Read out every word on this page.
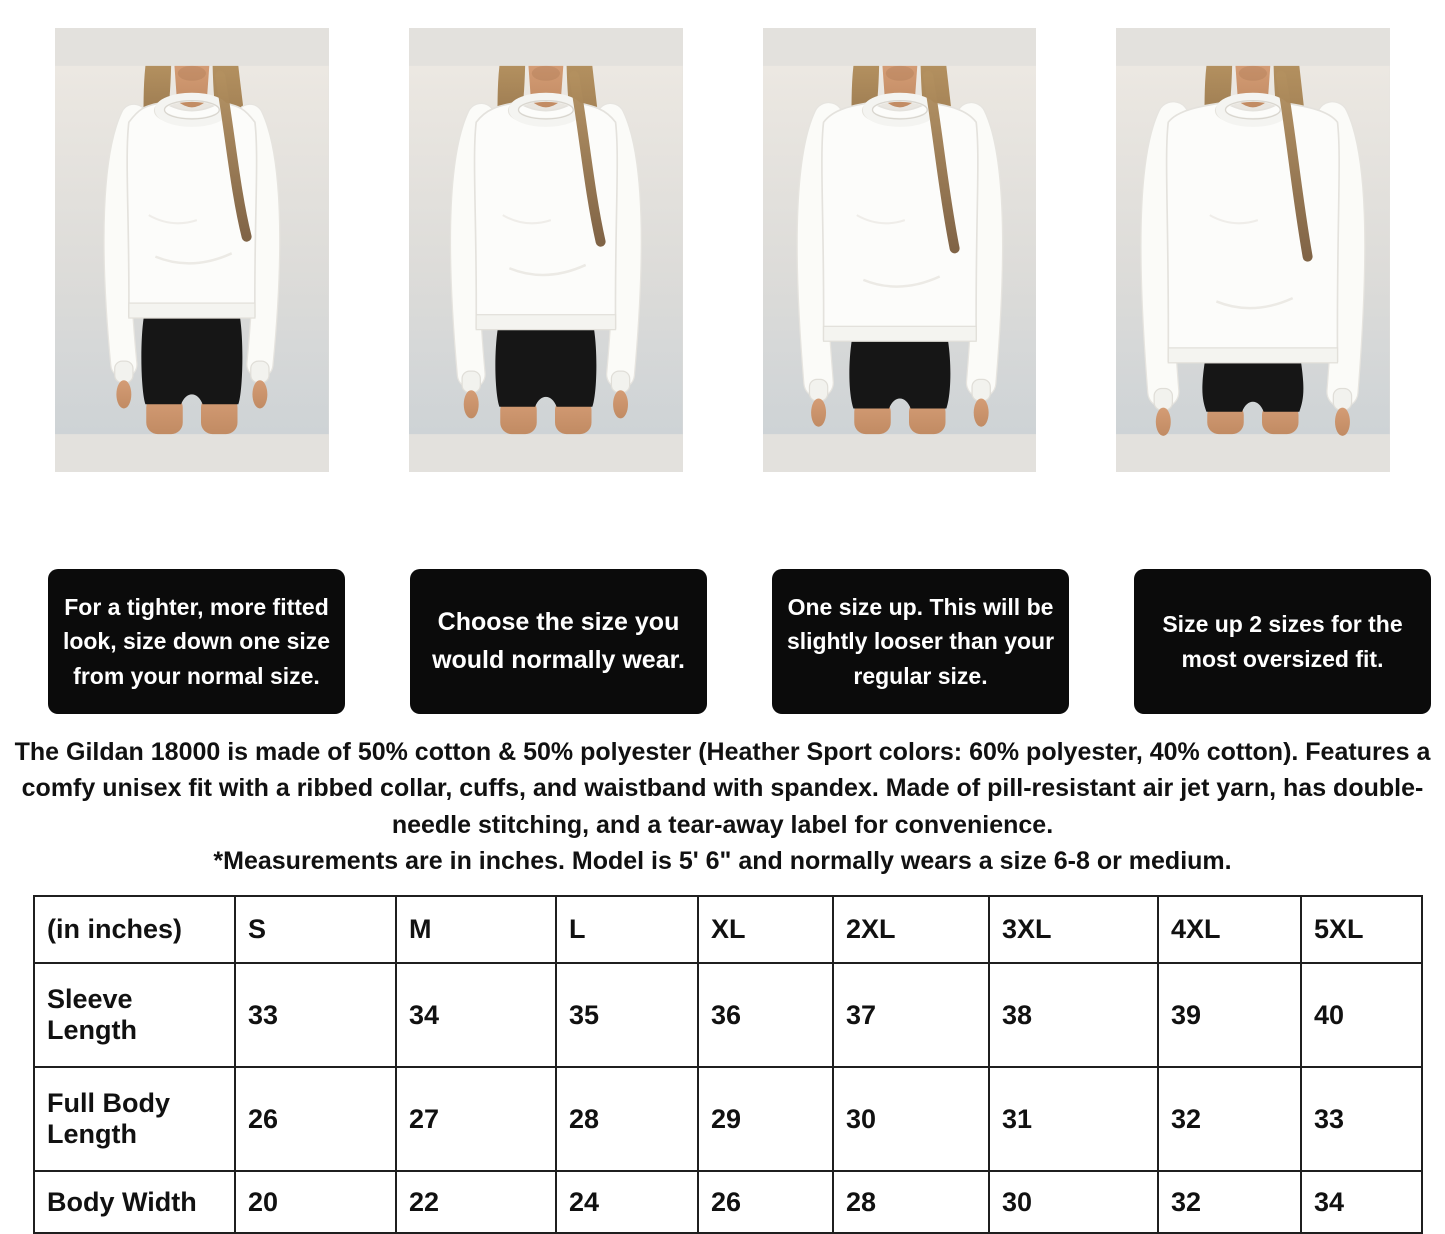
For a tighter, more fitted look, size down one size from your normal size.
Choose the size you would normally wear.
One size up. This will be slightly looser than your regular size.
Size up 2 sizes for the most oversized fit.
The Gildan 18000 is made of 50% cotton & 50% polyester (Heather Sport colors: 60% polyester, 40% cotton). Features a comfy unisex fit with a ribbed collar, cuffs, and waistband with spandex. Made of pill-resistant air jet yarn, has double-needle stitching, and a tear-away label for convenience.
*Measurements are in inches. Model is 5' 6" and normally wears a size 6-8 or medium.
(in inches)	S	M	L	XL	2XL	3XL	4XL	5XL
Sleeve Length	33	34	35	36	37	38	39	40
Full Body Length	26	27	28	29	30	31	32	33
Body Width	20	22	24	26	28	30	32	34
